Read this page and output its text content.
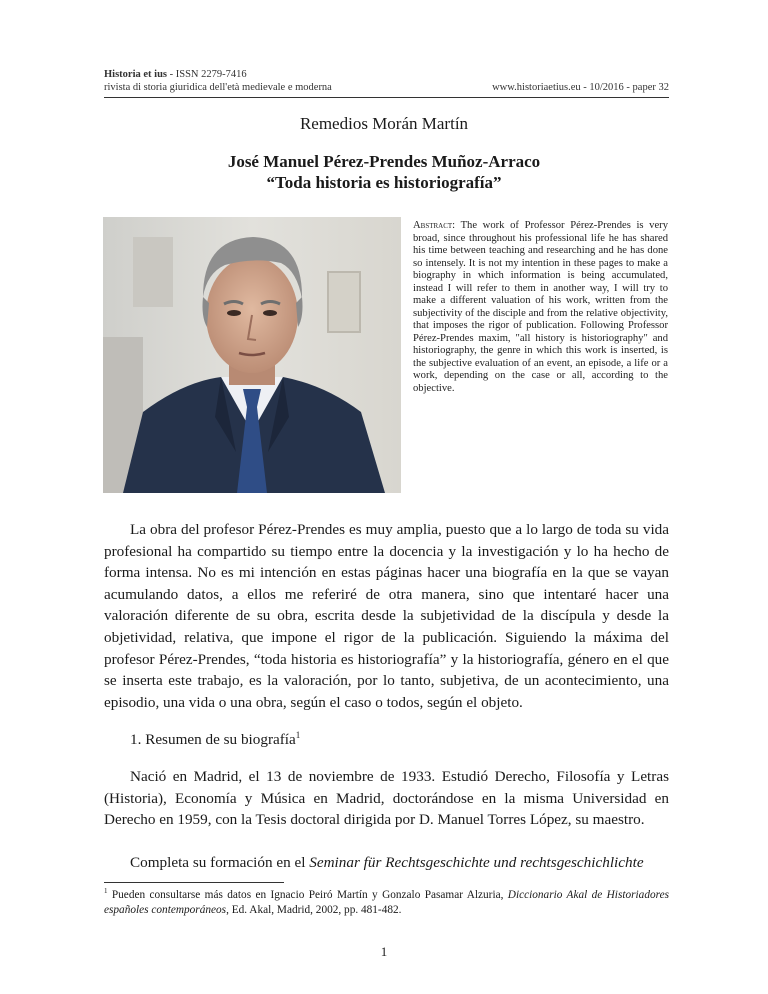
Historia et ius - ISSN 2279-7416
rivista di storia giuridica dell'età medievale e moderna	www.historiaetius.eu - 10/2016 - paper 32
Remedios Morán Martín
José Manuel Pérez-Prendes Muñoz-Arraco
“Toda historia es historiografía”
Abstract: The work of Professor Pérez-Prendes is very broad, since throughout his professional life he has shared his time between teaching and researching and he has done so intensely. It is not my intention in these pages to make a biography in which information is being accumulated, instead I will refer to them in another way, I will try to make a different valuation of his work, written from the subjectivity of the disciple and from the relative objectivity, that imposes the rigor of publication. Following Professor Pérez-Prendes maxim, "all history is historiography" and historiography, the genre in which this work is inserted, is the subjective evaluation of an event, an episode, a life or a work, depending on the case or all, according to the objective.
La obra del profesor Pérez-Prendes es muy amplia, puesto que a lo largo de toda su vida profesional ha compartido su tiempo entre la docencia y la investigación y lo ha hecho de forma intensa. No es mi intención en estas páginas hacer una biografía en la que se vayan acumulando datos, a ellos me referiré de otra manera, sino que intentaré hacer una valoración diferente de su obra, escrita desde la subjetividad de la discípula y desde la objetividad, relativa, que impone el rigor de la publicación. Siguiendo la máxima del profesor Pérez-Prendes, “toda historia es historiografía” y la historiografía, género en el que se inserta este trabajo, es la valoración, por lo tanto, subjetiva, de un acontecimiento, una episodio, una vida o una obra, según el caso o todos, según el objeto.
1. Resumen de su biografía$^1$
Nació en Madrid, el 13 de noviembre de 1933. Estudió Derecho, Filosofía y Letras (Historia), Economía y Música en Madrid, doctorándose en la misma Universidad en Derecho en 1959, con la Tesis doctoral dirigida por D. Manuel Torres López, su maestro.
Completa su formación en el Seminar für Rechtsgeschichte und rechtsgeschichlichte
$^1$ Pueden consultarse más datos en Ignacio Peiró Martín y Gonzalo Pasamar Alzuria, Diccionario Akal de Historiadores españoles contemporáneos, Ed. Akal, Madrid, 2002, pp. 481-482.
1
